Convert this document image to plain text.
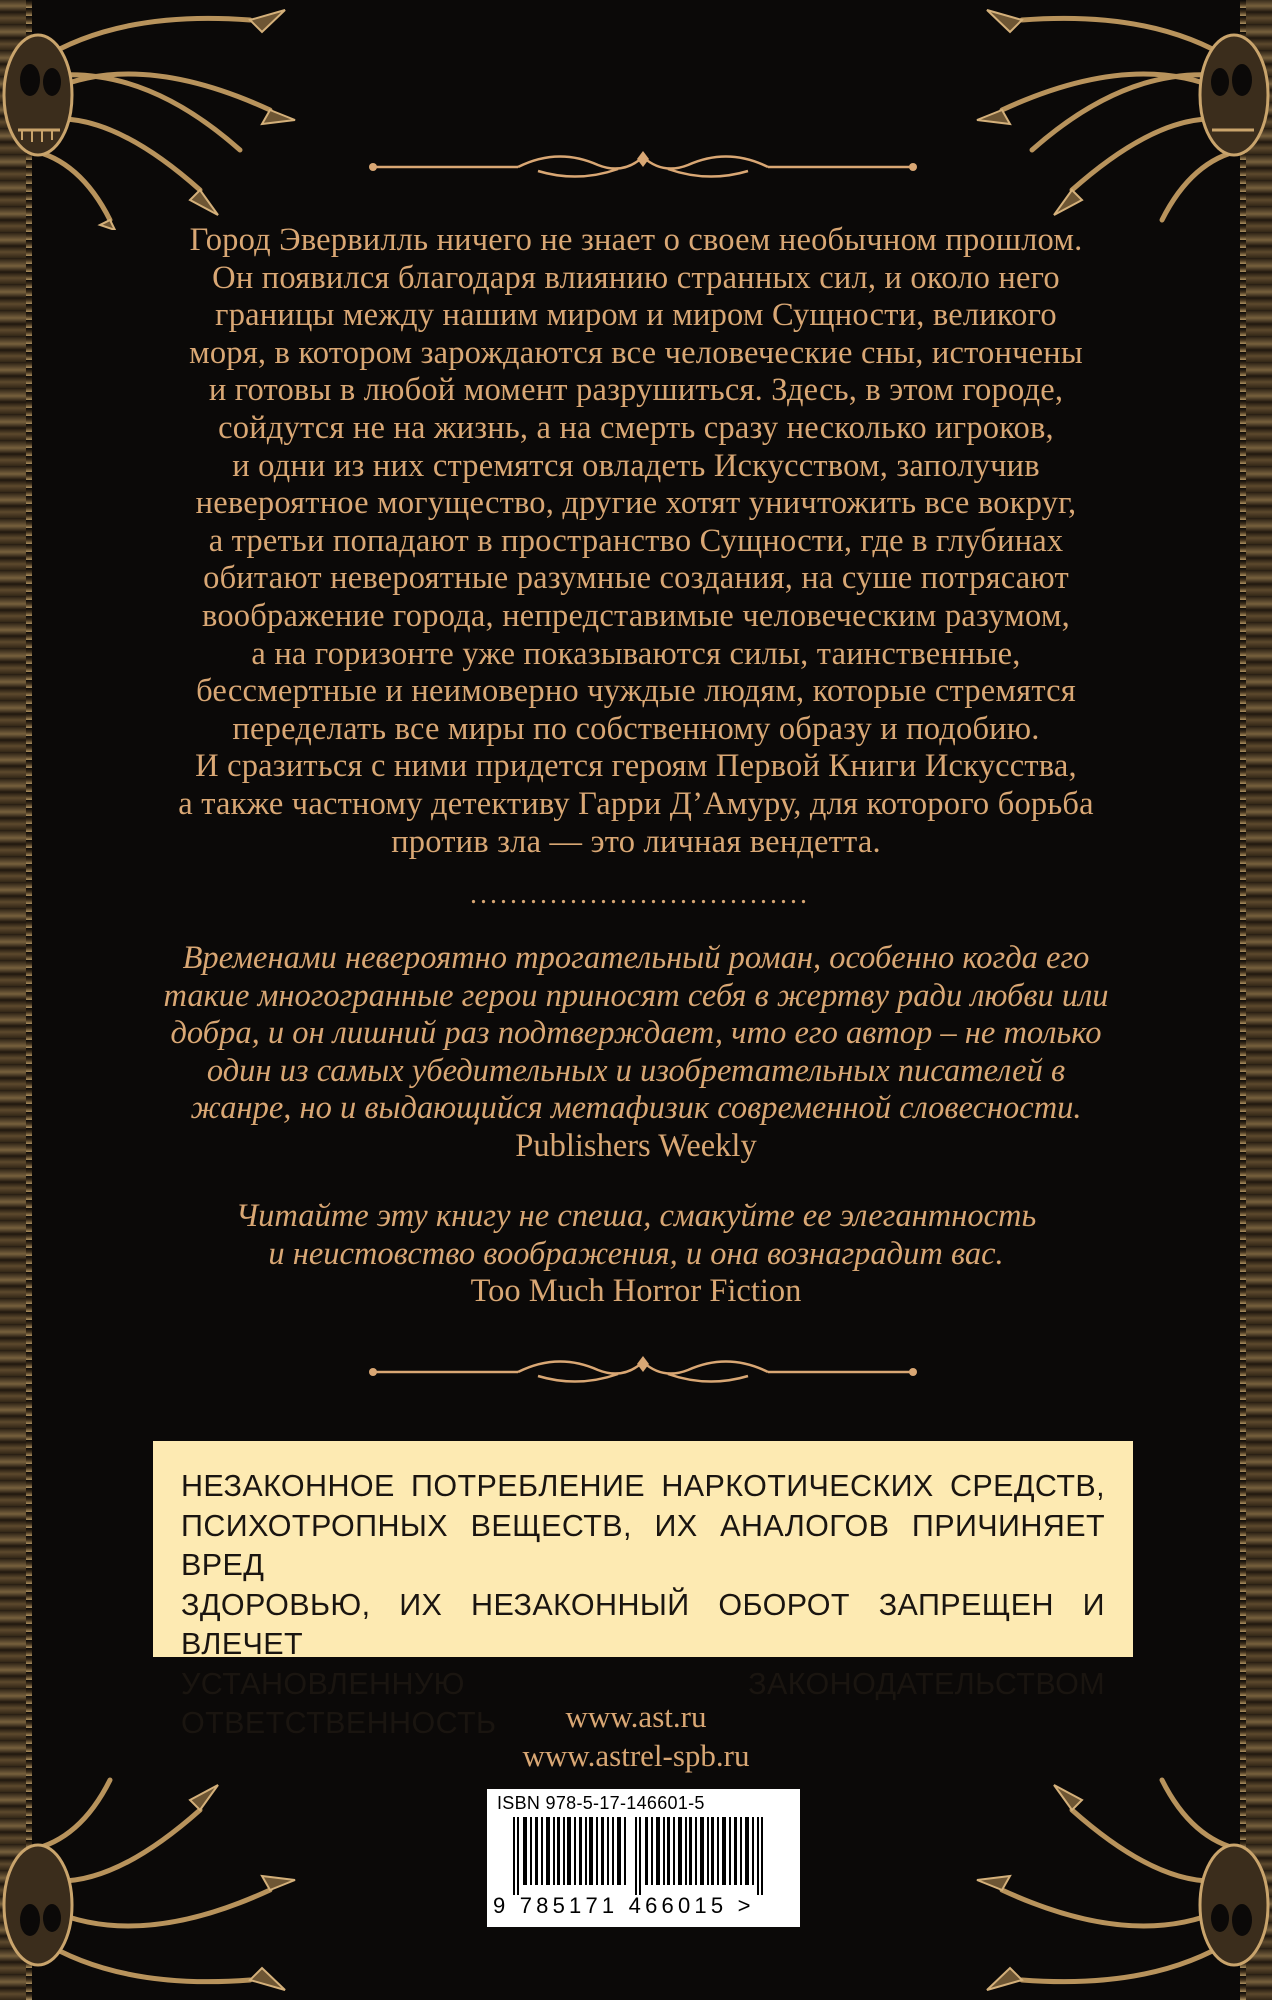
Город Эвервилль ничего не знает о своем необычном прошлом.

Он появился благодаря влиянию странных сил, и около него

границы между нашим миром и миром Сущности, великого

моря, в котором зарождаются все человеческие сны, истончены

и готовы в любой момент разрушиться. Здесь, в этом городе,

сойдутся не на жизнь, а на смерть сразу несколько игроков,

и одни из них стремятся овладеть Искусством, заполучив

невероятное могущество, другие хотят уничтожить все вокруг,

а третьи попадают в пространство Сущности, где в глубинах

обитают невероятные разумные создания, на суше потрясают

воображение города, непредставимые человеческим разумом,

а на горизонте уже показываются силы, таинственные,

бессмертные и неимоверно чуждые людям, которые стремятся

переделать все миры по собственному образу и подобию.

И сразиться с ними придется героям Первой Книги Искусства,

а также частному детективу Гарри Д’Амуру, для которого борьба

против зла — это личная вендетта.

..................................
Временами невероятно трогательный роман, особенно когда его
такие многогранные герои приносят себя в жертву ради любви или
добра, и он лишний раз подтверждает, что его автор – не только
один из самых убедительных и изобретательных писателей в
жанре, но и выдающийся метафизик современной словесности.
Publishers Weekly
Читайте эту книгу не спеша, смакуйте ее элегантность
и неистовство воображения, и она вознаградит вас.
Too Much Horror Fiction
НЕЗАКОННОЕ ПОТРЕБЛЕНИЕ НАРКОТИЧЕСКИХ СРЕДСТВ,
ПСИХОТРОПНЫХ ВЕЩЕСТВ, ИХ АНАЛОГОВ ПРИЧИНЯЕТ ВРЕД
ЗДОРОВЬЮ, ИХ НЕЗАКОННЫЙ ОБОРОТ ЗАПРЕЩЕН И ВЛЕЧЕТ
УСТАНОВЛЕННУЮ ЗАКОНОДАТЕЛЬСТВОМ ОТВЕТСТВЕННОСТЬ	www.ast.ru
www.astrel-spb.ru
ISBN 978-5-17-146601-5
9 785171 466015 >
